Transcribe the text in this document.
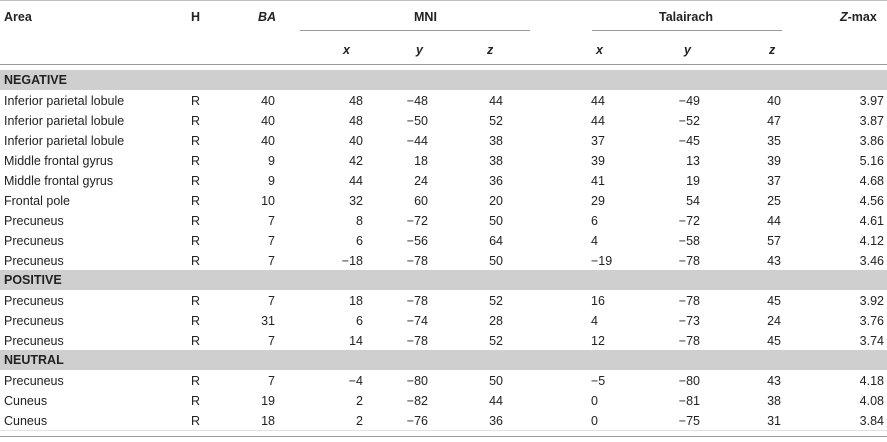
Area	H	BA	MNI	Talairach	Z-max
x	y	z	x	y	z
NEGATIVE
Inferior parietal lobule	R	40	48	−48	44	44	−49	40	3.97
Inferior parietal lobule	R	40	48	−50	52	44	−52	47	3.87
Inferior parietal lobule	R	40	40	−44	38	37	−45	35	3.86
Middle frontal gyrus	R	9	42	18	38	39	13	39	5.16
Middle frontal gyrus	R	9	44	24	36	41	19	37	4.68
Frontal pole	R	10	32	60	20	29	54	25	4.56
Precuneus	R	7	8	−72	50	6	−72	44	4.61
Precuneus	R	7	6	−56	64	4	−58	57	4.12
Precuneus	R	7	−18	−78	50	−19	−78	43	3.46
POSITIVE
Precuneus	R	7	18	−78	52	16	−78	45	3.92
Precuneus	R	31	6	−74	28	4	−73	24	3.76
Precuneus	R	7	14	−78	52	12	−78	45	3.74
NEUTRAL
Precuneus	R	7	−4	−80	50	−5	−80	43	4.18
Cuneus	R	19	2	−82	44	0	−81	38	4.08
Cuneus	R	18	2	−76	36	0	−75	31	3.84
